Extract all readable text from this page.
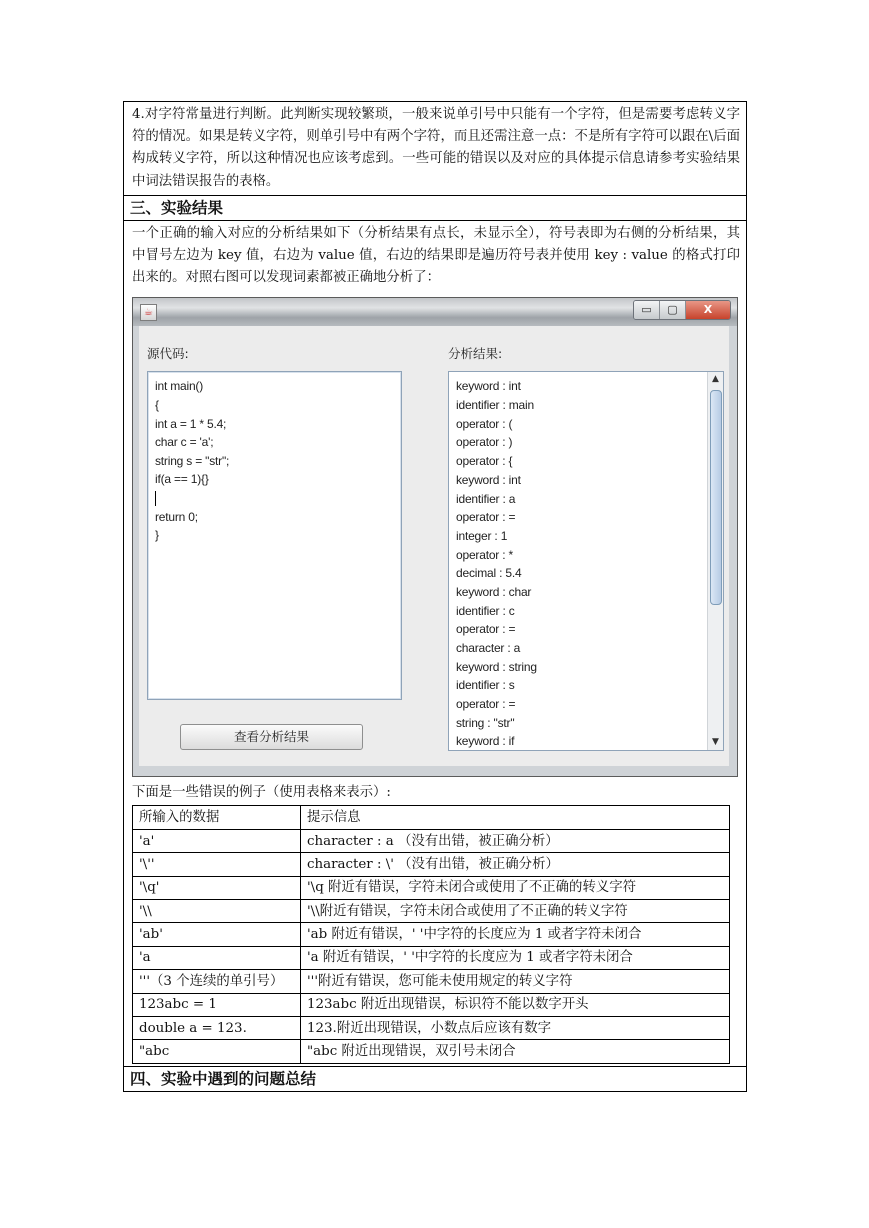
4.对字符常量进行判断。此判断实现较繁琐，一般来说单引号中只能有一个字符，但是需要考虑转义字符的情况。如果是转义字符，则单引号中有两个字符，而且还需注意一点：不是所有字符可以跟在\后面构成转义字符，所以这种情况也应该考虑到。一些可能的错误以及对应的具体提示信息请参考实验结果中词法错误报告的表格。
三、实验结果
一个正确的输入对应的分析结果如下（分析结果有点长，未显示全），符号表即为右侧的分析结果，其中冒号左边为 key 值，右边为 value 值，右边的结果即是遍历符号表并使用 key : value 的格式打印出来的。对照右图可以发现词素都被正确地分析了：
☕	▭	▢	X
源代码:	分析结果:
int main()
{
int a = 1 * 5.4;
char c = 'a';
string s = "str";
if(a == 1){}
return 0;
}
查看分析结果
keyword : int
identifier : main
operator : (
operator : )
operator : {
keyword : int
identifier : a
operator : =
integer : 1
operator : *
decimal : 5.4
keyword : char
identifier : c
operator : =
character : a
keyword : string
identifier : s
operator : =
string : "str"
keyword : if
▲
▼
下面是一些错误的例子（使用表格来表示）:
所输入的数据	提示信息
'a'	character : a （没有出错，被正确分析）
'\''	character : \' （没有出错，被正确分析）
'\q'	'\q 附近有错误，字符未闭合或使用了不正确的转义字符
'\\	'\\附近有错误，字符未闭合或使用了不正确的转义字符
'ab'	'ab 附近有错误，' '中字符的长度应为 1 或者字符未闭合
'a	'a 附近有错误，' '中字符的长度应为 1 或者字符未闭合
'''（3 个连续的单引号）	'''附近有错误，您可能未使用规定的转义字符
123abc = 1	123abc 附近出现错误，标识符不能以数字开头
double a = 123.	123.附近出现错误，小数点后应该有数字
"abc	"abc 附近出现错误，双引号未闭合
四、实验中遇到的问题总结
